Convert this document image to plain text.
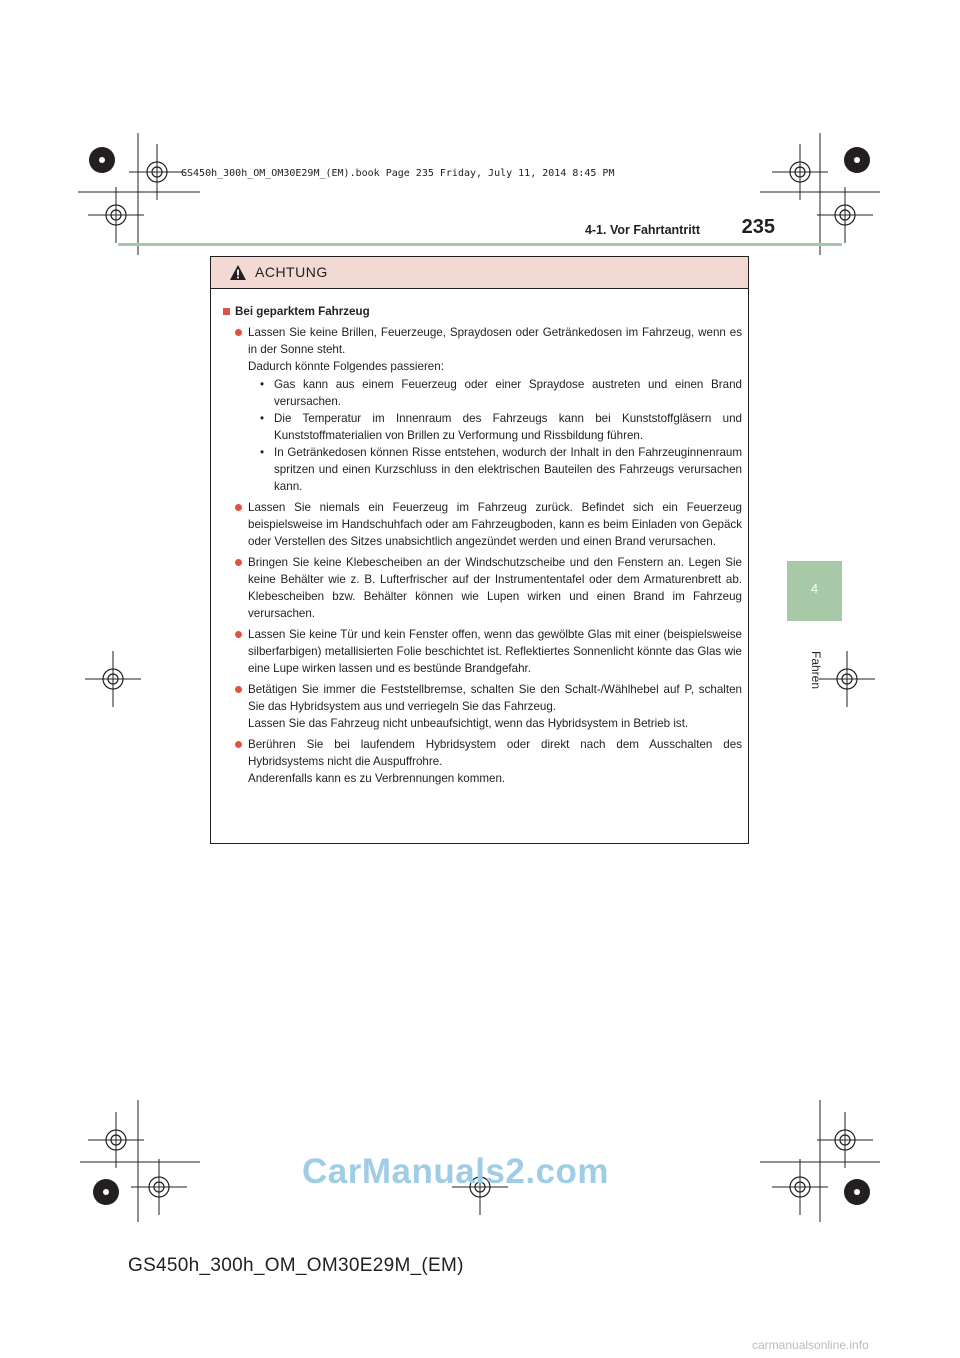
GS450h_300h_OM_OM30E29M_(EM).book Page 235 Friday, July 11, 2014 8:45 PM
4-1. Vor Fahrtantritt	235
4
Fahren
ACHTUNG
Bei geparktem Fahrzeug
Lassen Sie keine Brillen, Feuerzeuge, Spraydosen oder Getränkedosen im Fahrzeug, wenn es in der Sonne steht.
Dadurch könnte Folgendes passieren:
• Gas kann aus einem Feuerzeug oder einer Spraydose austreten und einen Brand verursachen.
• Die Temperatur im Innenraum des Fahrzeugs kann bei Kunststoffgläsern und Kunststoffmaterialien von Brillen zu Verformung und Rissbildung führen.
• In Getränkedosen können Risse entstehen, wodurch der Inhalt in den Fahrzeuginnenraum spritzen und einen Kurzschluss in den elektrischen Bauteilen des Fahrzeugs verursachen kann.
Lassen Sie niemals ein Feuerzeug im Fahrzeug zurück. Befindet sich ein Feuerzeug beispielsweise im Handschuhfach oder am Fahrzeugboden, kann es beim Einladen von Gepäck oder Verstellen des Sitzes unabsichtlich angezündet werden und einen Brand verursachen.
Bringen Sie keine Klebescheiben an der Windschutzscheibe und den Fenstern an. Legen Sie keine Behälter wie z. B. Lufterfrischer auf der Instrumententafel oder dem Armaturenbrett ab. Klebescheiben bzw. Behälter können wie Lupen wirken und einen Brand im Fahrzeug verursachen.
Lassen Sie keine Tür und kein Fenster offen, wenn das gewölbte Glas mit einer (beispielsweise silberfarbigen) metallisierten Folie beschichtet ist. Reflektiertes Sonnenlicht könnte das Glas wie eine Lupe wirken lassen und es bestünde Brandgefahr.
Betätigen Sie immer die Feststellbremse, schalten Sie den Schalt-/Wählhebel auf P, schalten Sie das Hybridsystem aus und verriegeln Sie das Fahrzeug.
Lassen Sie das Fahrzeug nicht unbeaufsichtigt, wenn das Hybridsystem in Betrieb ist.
Berühren Sie bei laufendem Hybridsystem oder direkt nach dem Ausschalten des Hybridsystems nicht die Auspuffrohre.
Anderenfalls kann es zu Verbrennungen kommen.
CarManuals2.com
GS450h_300h_OM_OM30E29M_(EM)
carmanualsonline.info
